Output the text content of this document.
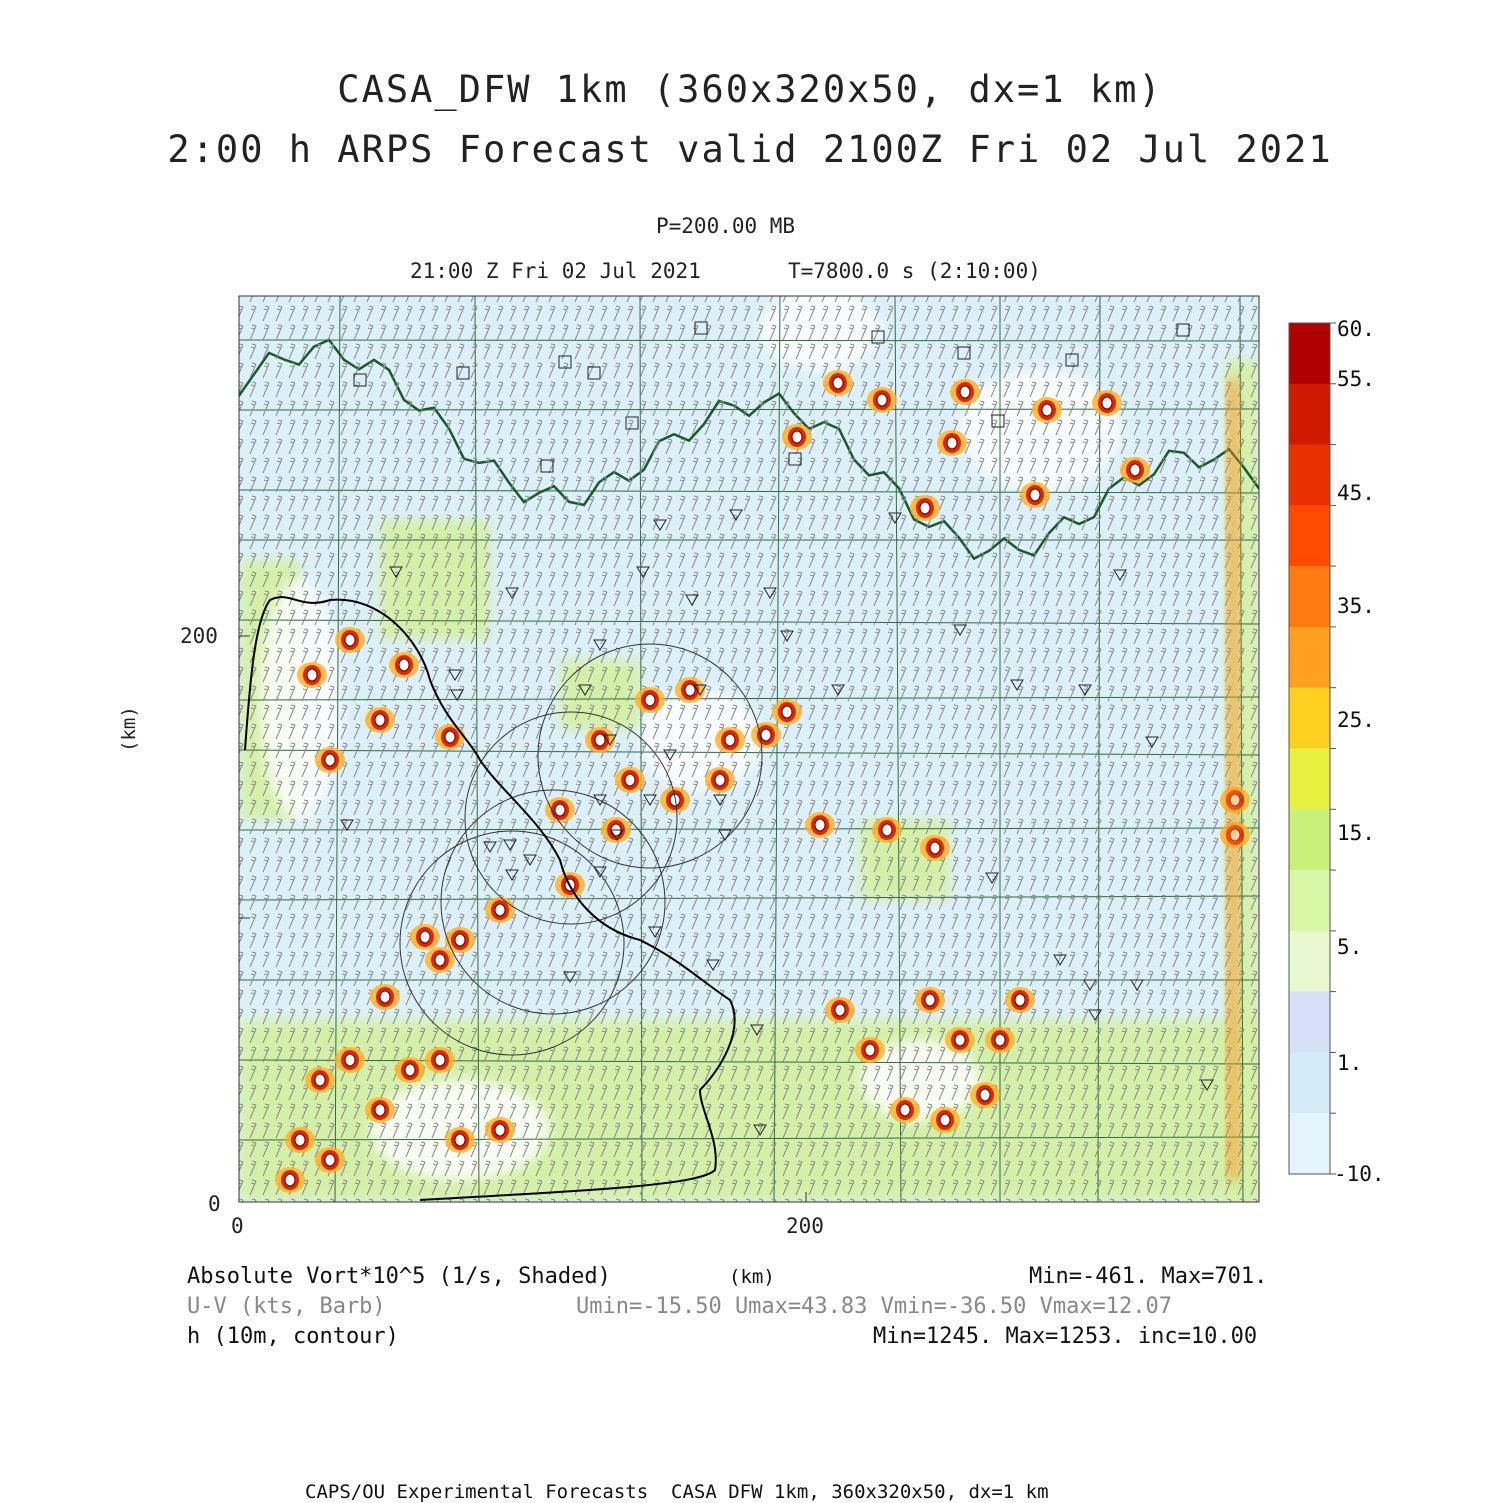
CASA_DFW 1km (360x320x50, dx=1 km)
2:00 h ARPS Forecast valid 2100Z Fri 02 Jul 2021
P=200.00 MB
21:00 Z Fri 02 Jul 2021	T=7800.0 s (2:10:00)
(km)
200
0
0	200
60.
55.
45.
35.
25.
15.
5.
1.
-10.
Absolute Vort*10^5 (1/s, Shaded)	(km)	Min=-461. Max=701.
U-V (kts, Barb)	Umin=-15.50 Umax=43.83 Vmin=-36.50 Vmax=12.07
h (10m, contour)	Min=1245. Max=1253. inc=10.00
CAPS/OU Experimental Forecasts  CASA DFW 1km, 360x320x50, dx=1 km
